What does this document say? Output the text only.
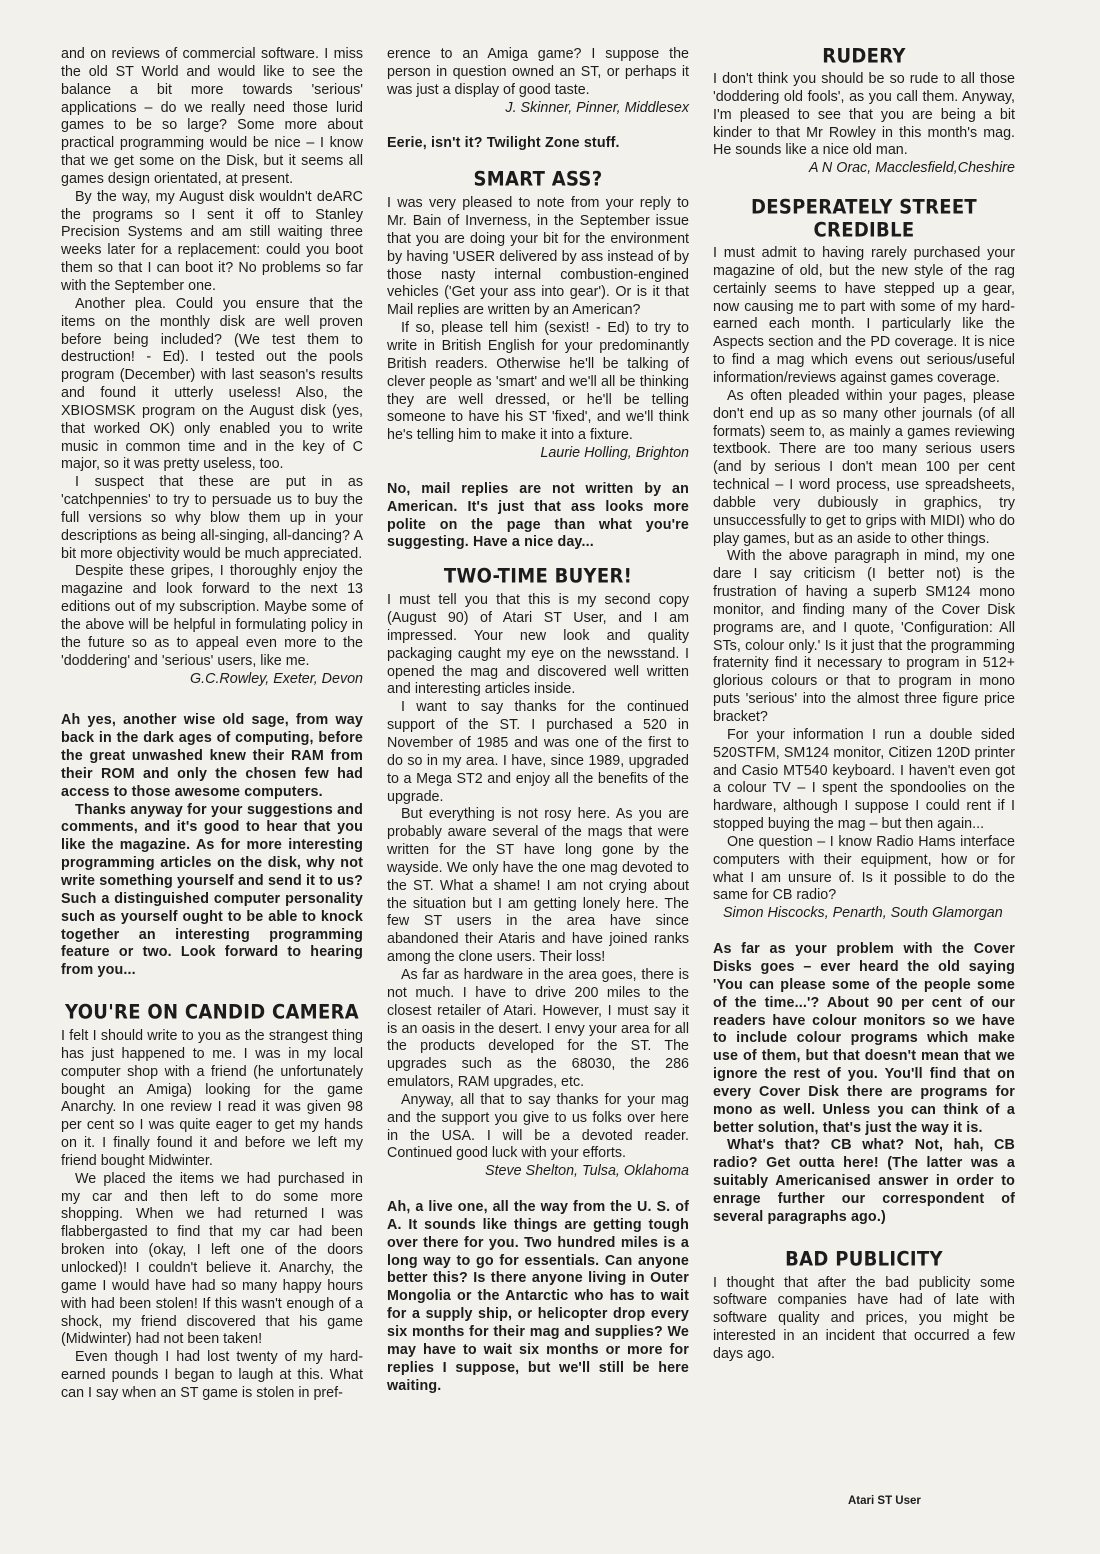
and on reviews of commercial software. I miss the old ST World and would like to see the balance a bit more towards 'serious' applications – do we really need those lurid games to be so large? Some more about practical programming would be nice – I know that we get some on the Disk, but it seems all games design orientated, at present.

By the way, my August disk wouldn't deARC the programs so I sent it off to Stanley Precision Systems and am still waiting three weeks later for a replacement: could you boot them so that I can boot it? No problems so far with the September one.

Another plea. Could you ensure that the items on the monthly disk are well proven before being included? (We test them to destruction! - Ed). I tested out the pools program (December) with last season's results and found it utterly useless! Also, the XBIOSMSK program on the August disk (yes, that worked OK) only enabled you to write music in common time and in the key of C major, so it was pretty useless, too.

I suspect that these are put in as 'catchpennies' to try to persuade us to buy the full versions so why blow them up in your descriptions as being all-singing, all-dancing? A bit more objectivity would be much appreciated.

Despite these gripes, I thoroughly enjoy the magazine and look forward to the next 13 editions out of my subscription. Maybe some of the above will be helpful in formulating policy in the future so as to appeal even more to the 'doddering' and 'serious' users, like me.

G.C.Rowley, Exeter, Devon

Ah yes, another wise old sage, from way back in the dark ages of computing, before the great unwashed knew their RAM from their ROM and only the chosen few had access to those awesome computers.

Thanks anyway for your suggestions and comments, and it's good to hear that you like the magazine. As for more interesting programming articles on the disk, why not write something yourself and send it to us? Such a distinguished computer personality such as yourself ought to be able to knock together an interesting programming feature or two. Look forward to hearing from you...

YOU'RE ON CANDID CAMERA

I felt I should write to you as the strangest thing has just happened to me. I was in my local computer shop with a friend (he unfortunately bought an Amiga) looking for the game Anarchy. In one review I read it was given 98 per cent so I was quite eager to get my hands on it. I finally found it and before we left my friend bought Midwinter.

We placed the items we had purchased in my car and then left to do some more shopping. When we had returned I was flabbergasted to find that my car had been broken into (okay, I left one of the doors unlocked)! I couldn't believe it. Anarchy, the game I would have had so many happy hours with had been stolen! If this wasn't enough of a shock, my friend discovered that his game (Midwinter) had not been taken!

Even though I had lost twenty of my hard-earned pounds I began to laugh at this. What can I say when an ST game is stolen in pref-

erence to an Amiga game? I suppose the person in question owned an ST, or perhaps it was just a display of good taste.

J. Skinner, Pinner, Middlesex

Eerie, isn't it? Twilight Zone stuff.

SMART ASS?

I was very pleased to note from your reply to Mr. Bain of Inverness, in the September issue that you are doing your bit for the environment by having 'USER delivered by ass instead of by those nasty internal combustion-engined vehicles ('Get your ass into gear'). Or is it that Mail replies are written by an American?

If so, please tell him (sexist! - Ed) to try to write in British English for your predominantly British readers. Otherwise he'll be talking of clever people as 'smart' and we'll all be thinking they are well dressed, or he'll be telling someone to have his ST 'fixed', and we'll think he's telling him to make it into a fixture.

Laurie Holling, Brighton

No, mail replies are not written by an American. It's just that ass looks more polite on the page than what you're suggesting. Have a nice day...

TWO-TIME BUYER!

I must tell you that this is my second copy (August 90) of Atari ST User, and I am impressed. Your new look and quality packaging caught my eye on the newsstand. I opened the mag and discovered well written and interesting articles inside.

I want to say thanks for the continued support of the ST. I purchased a 520 in November of 1985 and was one of the first to do so in my area. I have, since 1989, upgraded to a Mega ST2 and enjoy all the benefits of the upgrade.

But everything is not rosy here. As you are probably aware several of the mags that were written for the ST have long gone by the wayside. We only have the one mag devoted to the ST. What a shame! I am not crying about the situation but I am getting lonely here. The few ST users in the area have since abandoned their Ataris and have joined ranks among the clone users. Their loss!

As far as hardware in the area goes, there is not much. I have to drive 200 miles to the closest retailer of Atari. However, I must say it is an oasis in the desert. I envy your area for all the products developed for the ST. The upgrades such as the 68030, the 286 emulators, RAM upgrades, etc.

Anyway, all that to say thanks for your mag and the support you give to us folks over here in the USA. I will be a devoted reader. Continued good luck with your efforts.

Steve Shelton, Tulsa, Oklahoma

Ah, a live one, all the way from the U. S. of A. It sounds like things are getting tough over there for you. Two hundred miles is a long way to go for essentials. Can anyone better this? Is there anyone living in Outer Mongolia or the Antarctic who has to wait for a supply ship, or helicopter drop every six months for their mag and supplies? We may have to wait six months or more for replies I suppose, but we'll still be here waiting.

RUDERY

I don't think you should be so rude to all those 'doddering old fools', as you call them. Anyway, I'm pleased to see that you are being a bit kinder to that Mr Rowley in this month's mag. He sounds like a nice old man.

A N Orac, Macclesfield,Cheshire

DESPERATELY STREET CREDIBLE

I must admit to having rarely purchased your magazine of old, but the new style of the rag certainly seems to have stepped up a gear, now causing me to part with some of my hard-earned each month. I particularly like the Aspects section and the PD coverage. It is nice to find a mag which evens out serious/useful information/reviews against games coverage.

As often pleaded within your pages, please don't end up as so many other journals (of all formats) seem to, as mainly a games reviewing textbook. There are too many serious users (and by serious I don't mean 100 per cent technical – I word process, use spreadsheets, dabble very dubiously in graphics, try unsuccessfully to get to grips with MIDI) who do play games, but as an aside to other things.

With the above paragraph in mind, my one dare I say criticism (I better not) is the frustration of having a superb SM124 mono monitor, and finding many of the Cover Disk programs are, and I quote, 'Configuration: All STs, colour only.' Is it just that the programming fraternity find it necessary to program in 512+ glorious colours or that to program in mono puts 'serious' into the almost three figure price bracket?

For your information I run a double sided 520STFM, SM124 monitor, Citizen 120D printer and Casio MT540 keyboard. I haven't even got a colour TV – I spent the spondoolies on the hardware, although I suppose I could rent if I stopped buying the mag – but then again...

One question – I know Radio Hams interface computers with their equipment, how or for what I am unsure of. Is it possible to do the same for CB radio?

Simon Hiscocks, Penarth, South Glamorgan

As far as your problem with the Cover Disks goes – ever heard the old saying 'You can please some of the people some of the time...'? About 90 per cent of our readers have colour monitors so we have to include colour programs which make use of them, but that doesn't mean that we ignore the rest of you. You'll find that on every Cover Disk there are programs for mono as well. Unless you can think of a better solution, that's just the way it is.

What's that? CB what? Not, hah, CB radio? Get outta here! (The latter was a suitably Americanised answer in order to enrage further our correspondent of several paragraphs ago.)

BAD PUBLICITY

I thought that after the bad publicity some software companies have had of late with software quality and prices, you might be interested in an incident that occurred a few days ago.

Atari ST User
